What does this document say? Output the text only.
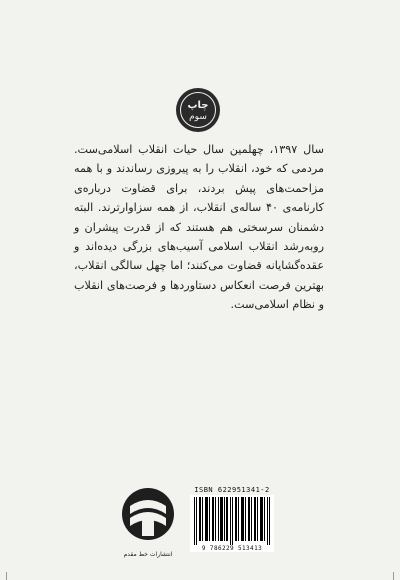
چاپ
سوم
سال ۱۳۹۷، چهلمین سال حیات انقلاب اسلامی‌ست. مردمی که خود، انقلاب را به پیروزی رساندند و با همه مزاحمت‌های پیش بردند، برای قضاوت درباره‌ی کارنامه‌ی ۴۰ ساله‌ی انقلاب، از همه سزاوارترند. البته دشمنان سرسختی هم هستند که از قدرت پیشران و روبه‌رشد انقلاب اسلامی آسیب‌های بزرگی دیده‌اند و عقده‌گشایانه قضاوت می‌کنند؛ اما چهل سالگی انقلاب، بهترین فرصت انعکاس دستاوردها و فرصت‌های انقلاب و نظام اسلامی‌ست.
انتشارات خط مقدم
ISBN 622951341-2
9 786229 513413
